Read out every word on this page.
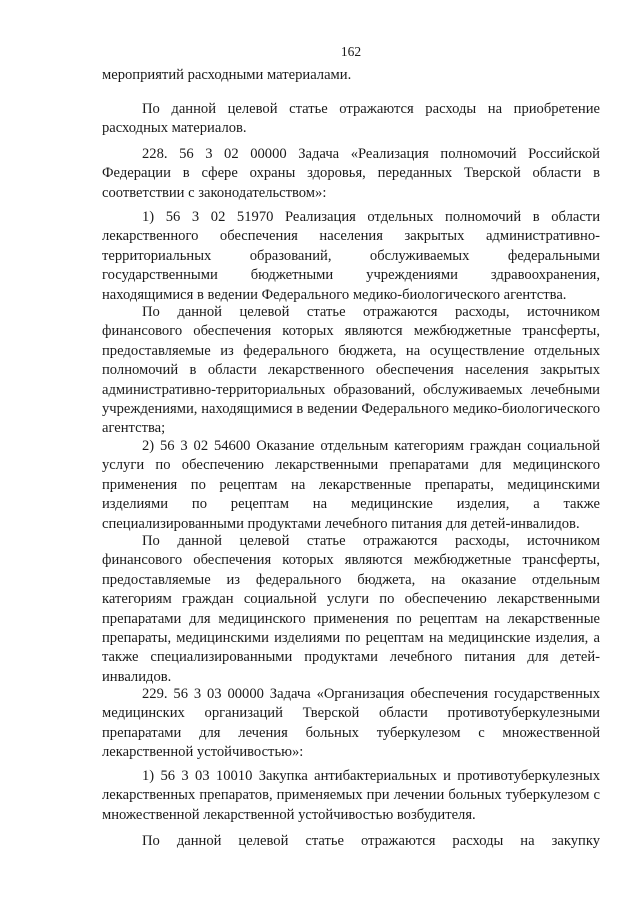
162

мероприятий расходными материалами.

По данной целевой статье отражаются расходы на приобретение расходных материалов.

228. 56 3 02 00000 Задача «Реализация полномочий Российской Федерации в сфере охраны здоровья, переданных Тверской области в соответствии с законодательством»:

1) 56 3 02 51970 Реализация отдельных полномочий в области лекарственного обеспечения населения закрытых административно-территориальных образований, обслуживаемых федеральными государственными бюджетными учреждениями здравоохранения, находящимися в ведении Федерального медико-биологического агентства.

По данной целевой статье отражаются расходы, источником финансового обеспечения которых являются межбюджетные трансферты, предоставляемые из федерального бюджета, на осуществление отдельных полномочий в области лекарственного обеспечения населения закрытых административно-территориальных образований, обслуживаемых лечебными учреждениями, находящимися в ведении Федерального медико-биологического агентства;

2) 56 3 02 54600 Оказание отдельным категориям граждан социальной услуги по обеспечению лекарственными препаратами для медицинского применения по рецептам на лекарственные препараты, медицинскими изделиями по рецептам на медицинские изделия, а также специализированными продуктами лечебного питания для детей-инвалидов.

По данной целевой статье отражаются расходы, источником финансового обеспечения которых являются межбюджетные трансферты, предоставляемые из федерального бюджета, на оказание отдельным категориям граждан социальной услуги по обеспечению лекарственными препаратами для медицинского применения по рецептам на лекарственные препараты, медицинскими изделиями по рецептам на медицинские изделия, а также специализированными продуктами лечебного питания для детей-инвалидов.

229. 56 3 03 00000 Задача «Организация обеспечения государственных медицинских организаций Тверской области противотуберкулезными препаратами для лечения больных туберкулезом с множественной лекарственной устойчивостью»:

1) 56 3 03 10010 Закупка антибактериальных и противотуберкулезных лекарственных препаратов, применяемых при лечении больных туберкулезом с множественной лекарственной устойчивостью возбудителя.

По данной целевой статье отражаются расходы на закупку
